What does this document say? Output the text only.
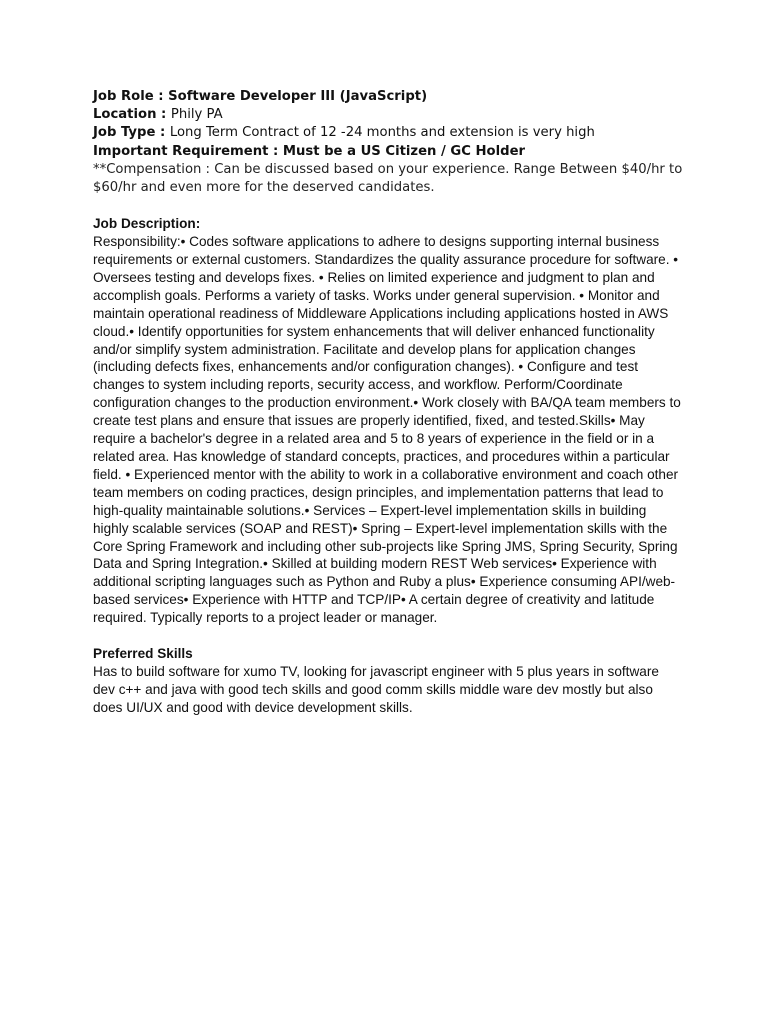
Job Role : Software Developer III (JavaScript)
Location : Phily PA
Job Type : Long Term Contract of 12 -24 months and extension is very high
Important Requirement : Must be a US Citizen / GC Holder
**Compensation : Can be discussed based on your experience. Range Between $40/hr to $60/hr and even more for the deserved candidates.
Job Description:

Responsibility:• Codes software applications to adhere to designs supporting internal business requirements or external customers. Standardizes the quality assurance procedure for software. • Oversees testing and develops fixes. • Relies on limited experience and judgment to plan and accomplish goals. Performs a variety of tasks. Works under general supervision. • Monitor and maintain operational readiness of Middleware Applications including applications hosted in AWS cloud.• Identify opportunities for system enhancements that will deliver enhanced functionality and/or simplify system administration. Facilitate and develop plans for application changes (including defects fixes, enhancements and/or configuration changes). • Configure and test changes to system including reports, security access, and workflow. Perform/Coordinate configuration changes to the production environment.• Work closely with BA/QA team members to create test plans and ensure that issues are properly identified, fixed, and tested.Skills• May require a bachelor's degree in a related area and 5 to 8 years of experience in the field or in a related area. Has knowledge of standard concepts, practices, and procedures within a particular field. • Experienced mentor with the ability to work in a collaborative environment and coach other team members on coding practices, design principles, and implementation patterns that lead to high-quality maintainable solutions.• Services – Expert-level implementation skills in building highly scalable services (SOAP and REST)• Spring – Expert-level implementation skills with the Core Spring Framework and including other sub-projects like Spring JMS, Spring Security, Spring Data and Spring Integration.• Skilled at building modern REST Web services• Experience with additional scripting languages such as Python and Ruby a plus• Experience consuming API/web-based services• Experience with HTTP and TCP/IP• A certain degree of creativity and latitude required. Typically reports to a project leader or manager.

Preferred Skills

Has to build software for xumo TV, looking for javascript engineer with 5 plus years in software dev c++ and java with good tech skills and good comm skills middle ware dev mostly but also does UI/UX and good with device development skills.
